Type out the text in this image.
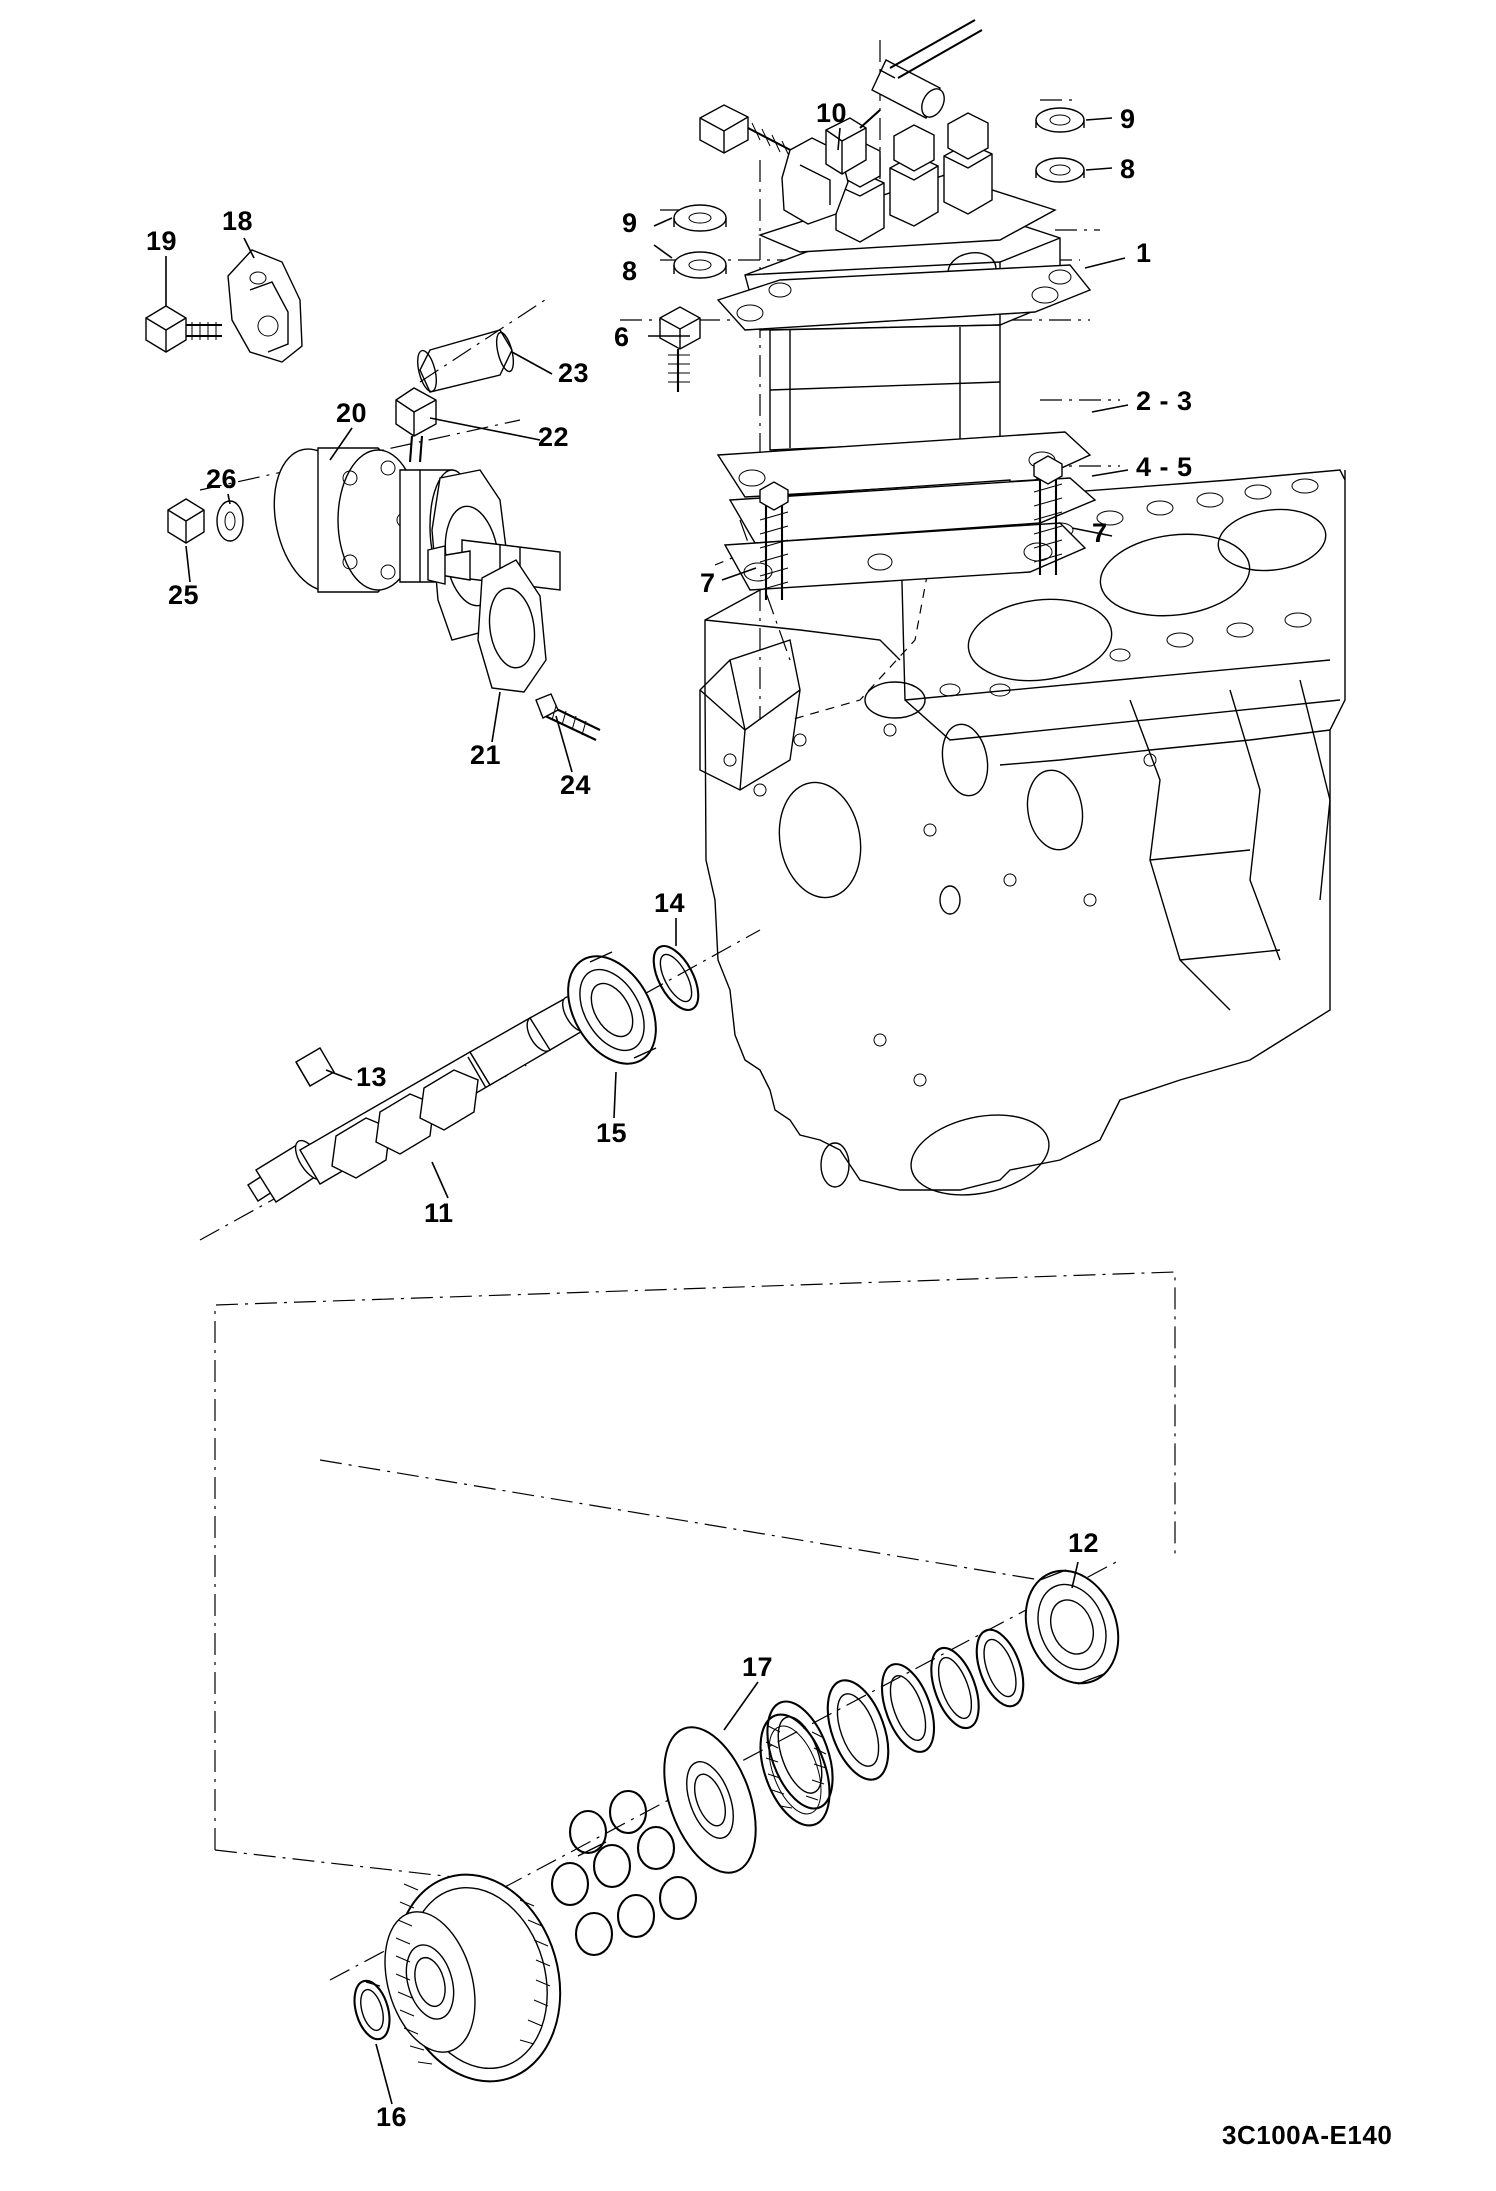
1
2 - 3
4 - 5
6
7
7
8
9
8
9
10
11
12
13
14
15
16
17
18
19
20
21
22
23
24
25
26
3C100A-E140
